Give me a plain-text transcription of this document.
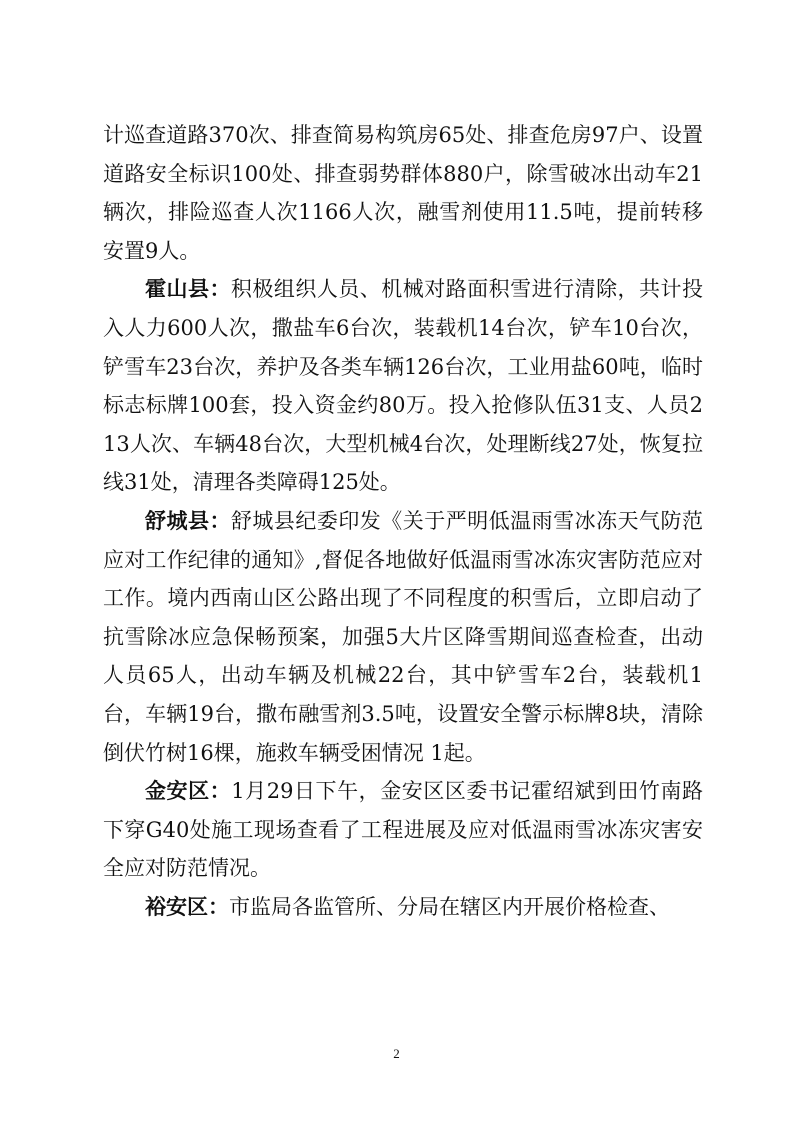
计巡查道路370次、排查简易构筑房65处、排查危房97户、设置道路安全标识100处、排查弱势群体880户，除雪破冰出动车21辆次，排险巡查人次1166人次，融雪剂使用11.5吨，提前转移安置9人。

霍山县：积极组织人员、机械对路面积雪进行清除，共计投入人力600人次，撒盐车6台次，装载机14台次，铲车10台次，铲雪车23台次，养护及各类车辆126台次，工业用盐60吨，临时标志标牌100套，投入资金约80万。投入抢修队伍31支、人员213人次、车辆48台次，大型机械4台次，处理断线27处，恢复拉线31处，清理各类障碍125处。

舒城县：舒城县纪委印发《关于严明低温雨雪冰冻天气防范应对工作纪律的通知》,督促各地做好低温雨雪冰冻灾害防范应对工作。境内西南山区公路出现了不同程度的积雪后，立即启动了抗雪除冰应急保畅预案，加强5大片区降雪期间巡查检查，出动人员65人，出动车辆及机械22台，其中铲雪车2台，装载机1台，车辆19台，撒布融雪剂3.5吨，设置安全警示标牌8块，清除倒伏竹树16棵，施救车辆受困情况 1起。

金安区：1月29日下午，金安区区委书记霍绍斌到田竹南路下穿G40处施工现场查看了工程进展及应对低温雨雪冰冻灾害安全应对防范情况。

裕安区：市监局各监管所、分局在辖区内开展价格检查、

2
